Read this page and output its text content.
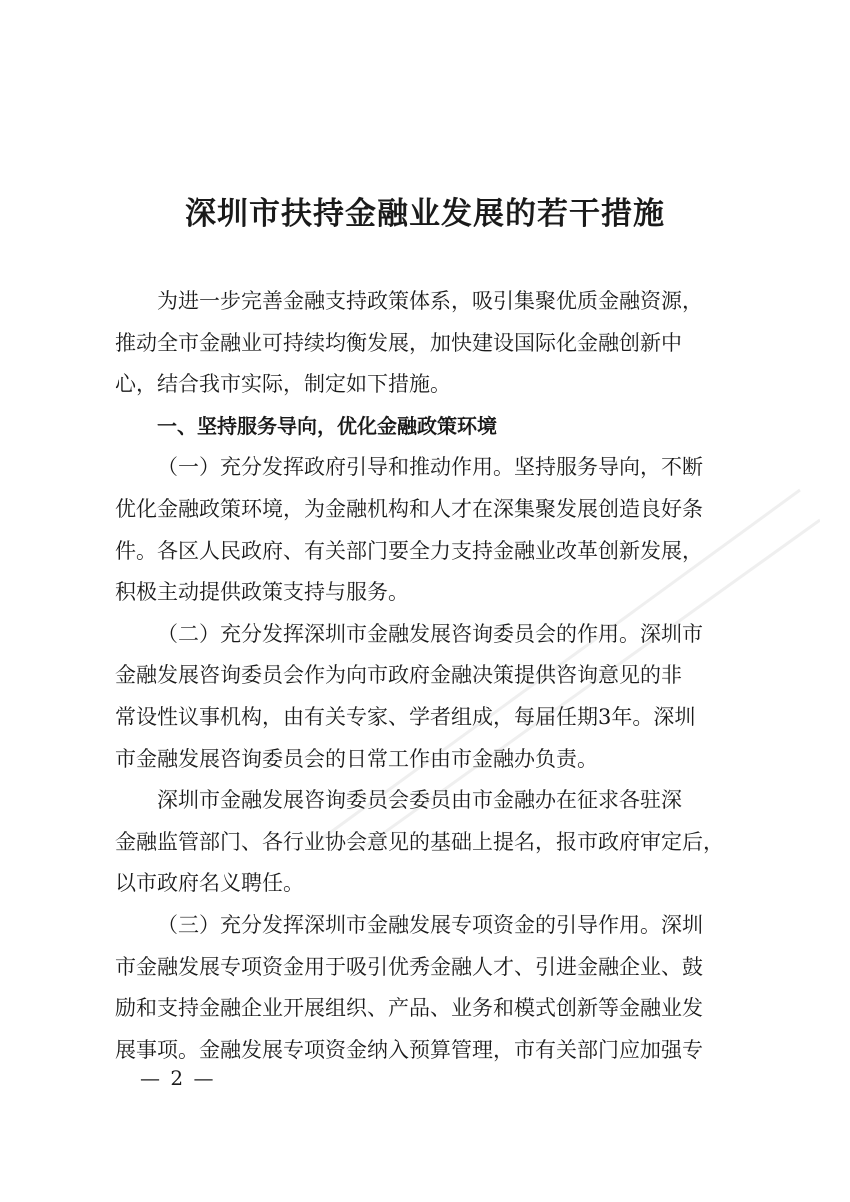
深圳市扶持金融业发展的若干措施
为进一步完善金融支持政策体系，吸引集聚优质金融资源，
推动全市金融业可持续均衡发展，加快建设国际化金融创新中
心，结合我市实际，制定如下措施。
一、坚持服务导向，优化金融政策环境
（一）充分发挥政府引导和推动作用。坚持服务导向，不断
优化金融政策环境，为金融机构和人才在深集聚发展创造良好条
件。各区人民政府、有关部门要全力支持金融业改革创新发展，
积极主动提供政策支持与服务。
（二）充分发挥深圳市金融发展咨询委员会的作用。深圳市
金融发展咨询委员会作为向市政府金融决策提供咨询意见的非
常设性议事机构，由有关专家、学者组成，每届任期3年。深圳
市金融发展咨询委员会的日常工作由市金融办负责。
深圳市金融发展咨询委员会委员由市金融办在征求各驻深
金融监管部门、各行业协会意见的基础上提名，报市政府审定后，
以市政府名义聘任。
（三）充分发挥深圳市金融发展专项资金的引导作用。深圳
市金融发展专项资金用于吸引优秀金融人才、引进金融企业、鼓
励和支持金融企业开展组织、产品、业务和模式创新等金融业发
展事项。金融发展专项资金纳入预算管理，市有关部门应加强专
— 2 —
